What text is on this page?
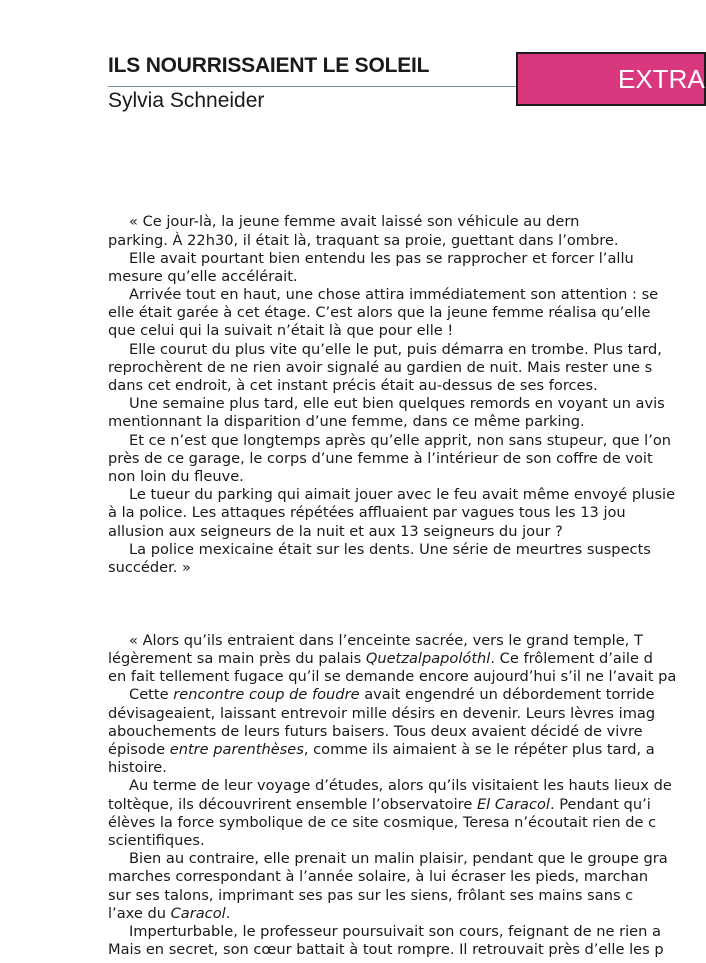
ILS NOURRISSAIENT LE SOLEIL
Sylvia Schneider
EXTRA
« Ce jour-là, la jeune femme avait laissé son véhicule au dern
parking. À 22h30, il était là, traquant sa proie, guettant dans l’ombre.
Elle avait pourtant bien entendu les pas se rapprocher et forcer l’allu
mesure qu’elle accélérait.
Arrivée tout en haut, une chose attira immédiatement son attention : se
elle était garée à cet étage. C’est alors que la jeune femme réalisa qu’elle
que celui qui la suivait n’était là que pour elle !
Elle courut du plus vite qu’elle le put, puis démarra en trombe. Plus tard,
reprochèrent de ne rien avoir signalé au gardien de nuit. Mais rester une s
dans cet endroit, à cet instant précis était au-dessus de ses forces.
Une semaine plus tard, elle eut bien quelques remords en voyant un avis
mentionnant la disparition d’une femme, dans ce même parking.
Et ce n’est que longtemps après qu’elle apprit, non sans stupeur, que l’on
près de ce garage, le corps d’une femme à l’intérieur de son coffre de voit
non loin du fleuve.
Le tueur du parking qui aimait jouer avec le feu avait même envoyé plusie
à la police. Les attaques répétées affluaient par vagues tous les 13 jou
allusion aux seigneurs de la nuit et aux 13 seigneurs du jour ?
La police mexicaine était sur les dents. Une série de meurtres suspects
succéder. »
« Alors qu’ils entraient dans l’enceinte sacrée, vers le grand temple, T
légèrement sa main près du palais Quetzalpapolóthl. Ce frôlement d’aile d
en fait tellement fugace qu’il se demande encore aujourd’hui s’il ne l’avait pa
Cette rencontre coup de foudre avait engendré un débordement torride
dévisageaient, laissant entrevoir mille désirs en devenir. Leurs lèvres imag
abouchements de leurs futurs baisers. Tous deux avaient décidé de vivre
épisode entre parenthèses, comme ils aimaient à se le répéter plus tard, a
histoire.
Au terme de leur voyage d’études, alors qu’ils visitaient les hauts lieux de
toltèque, ils découvrirent ensemble l’observatoire El Caracol. Pendant qu’i
élèves la force symbolique de ce site cosmique, Teresa n’écoutait rien de c
scientifiques.
Bien au contraire, elle prenait un malin plaisir, pendant que le groupe gra
marches correspondant à l’année solaire, à lui écraser les pieds, marchan
sur ses talons, imprimant ses pas sur les siens, frôlant ses mains sans c
l’axe du Caracol.
Imperturbable, le professeur poursuivait son cours, feignant de ne rien a
Mais en secret, son cœur battait à tout rompre. Il retrouvait près d’elle les p
